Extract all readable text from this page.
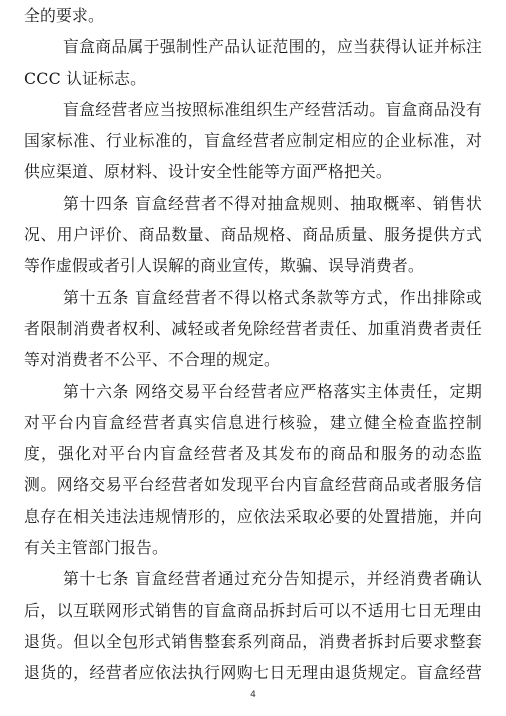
全的要求。
盲盒商品属于强制性产品认证范围的，应当获得认证并标注
CCC 认证标志。
盲盒经营者应当按照标准组织生产经营活动。盲盒商品没有
国家标准、行业标准的，盲盒经营者应制定相应的企业标准，对
供应渠道、原材料、设计安全性能等方面严格把关。
第十四条 盲盒经营者不得对抽盒规则、抽取概率、销售状
况、用户评价、商品数量、商品规格、商品质量、服务提供方式
等作虚假或者引人误解的商业宣传，欺骗、误导消费者。
第十五条 盲盒经营者不得以格式条款等方式，作出排除或
者限制消费者权利、减轻或者免除经营者责任、加重消费者责任
等对消费者不公平、不合理的规定。
第十六条 网络交易平台经营者应严格落实主体责任，定期
对平台内盲盒经营者真实信息进行核验，建立健全检查监控制
度，强化对平台内盲盒经营者及其发布的商品和服务的动态监
测。网络交易平台经营者如发现平台内盲盒经营商品或者服务信
息存在相关违法违规情形的，应依法采取必要的处置措施，并向
有关主管部门报告。
第十七条 盲盒经营者通过充分告知提示，并经消费者确认
后，以互联网形式销售的盲盒商品拆封后可以不适用七日无理由
退货。但以全包形式销售整套系列商品，消费者拆封后要求整套
退货的，经营者应依法执行网购七日无理由退货规定。盲盒经营
4
